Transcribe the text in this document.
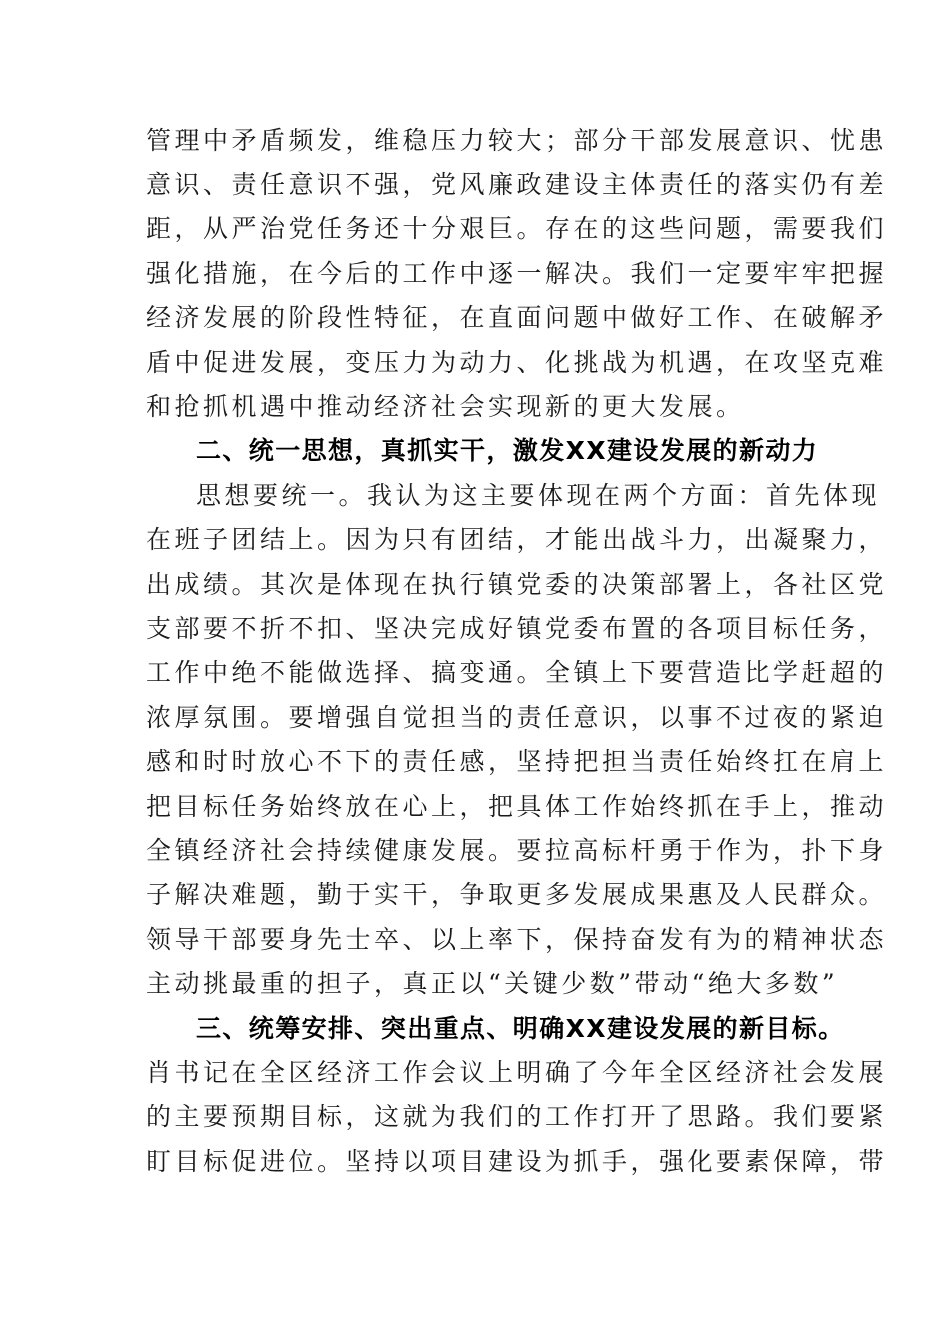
管理中矛盾频发，维稳压力较大；部分干部发展意识、忧患

意识、责任意识不强，党风廉政建设主体责任的落实仍有差

距，从严治党任务还十分艰巨。存在的这些问题，需要我们

强化措施，在今后的工作中逐一解决。我们一定要牢牢把握

经济发展的阶段性特征，在直面问题中做好工作、在破解矛

盾中促进发展，变压力为动力、化挑战为机遇，在攻坚克难

和抢抓机遇中推动经济社会实现新的更大发展。

二、统一思想，真抓实干，激发XX建设发展的新动力

思想要统一。我认为这主要体现在两个方面：首先体现

在班子团结上。因为只有团结，才能出战斗力，出凝聚力，

出成绩。其次是体现在执行镇党委的决策部署上，各社区党

支部要不折不扣、坚决完成好镇党委布置的各项目标任务，

工作中绝不能做选择、搞变通。全镇上下要营造比学赶超的

浓厚氛围。要增强自觉担当的责任意识，以事不过夜的紧迫

感和时时放心不下的责任感，坚持把担当责任始终扛在肩上

把目标任务始终放在心上，把具体工作始终抓在手上，推动

全镇经济社会持续健康发展。要拉高标杆勇于作为，扑下身

子解决难题，勤于实干，争取更多发展成果惠及人民群众。

领导干部要身先士卒、以上率下，保持奋发有为的精神状态

主动挑最重的担子，真正以“关键少数”带动“绝大多数”

三、统筹安排、突出重点、明确XX建设发展的新目标。

肖书记在全区经济工作会议上明确了今年全区经济社会发展

的主要预期目标，这就为我们的工作打开了思路。我们要紧

盯目标促进位。坚持以项目建设为抓手，强化要素保障，带
